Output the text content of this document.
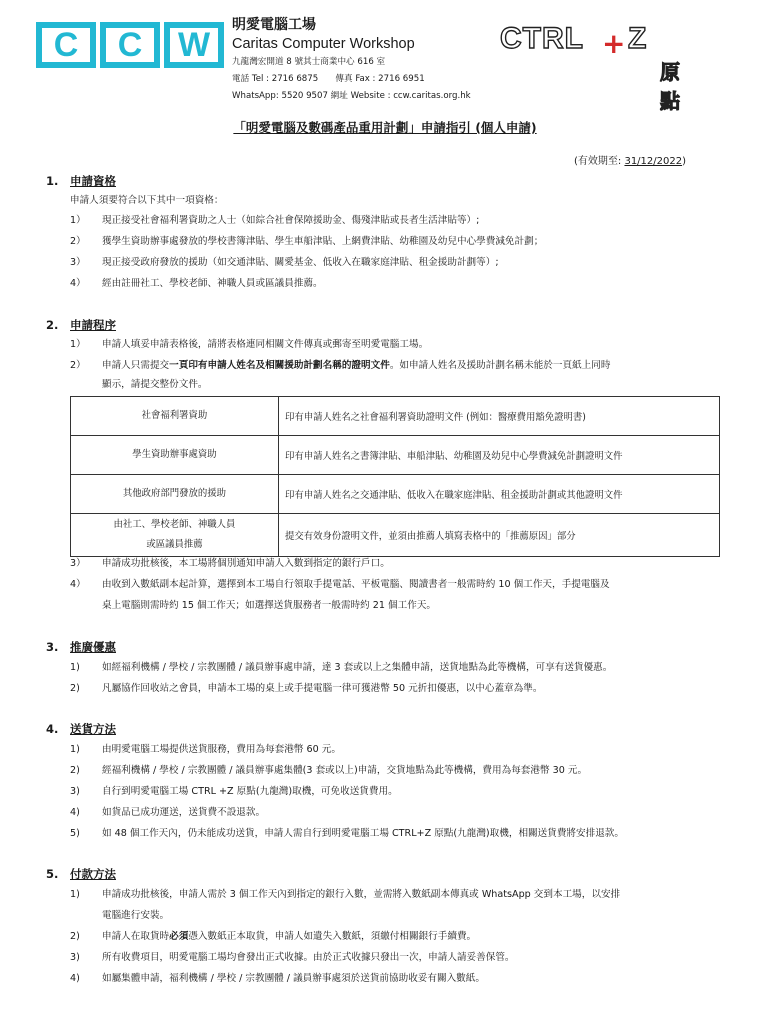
C	C	W
明愛電腦工場
Caritas Computer Workshop
九龍灣宏開道 8 號其士商業中心 616 室
電話 Tel : 2716 6875　　傳真 Fax : 2716 6951
WhatsApp: 5520 9507 網址 Website : ccw.caritas.org.hk
CTRL + Z
原點
「明愛電腦及數碼產品重用計劃」申請指引 (個人申請)
(有效期至: 31/12/2022)
1. 申請資格
申請人須要符合以下其中一項資格：
1） 現正接受社會福利署資助之人士（如綜合社會保障援助金、傷殘津貼或長者生活津貼等）;
2） 獲學生資助辦事處發放的學校書簿津貼、學生車船津貼、上網費津貼、幼稚園及幼兒中心學費減免計劃；
3） 現正接受政府發放的援助（如交通津貼、關愛基金、低收入在職家庭津貼、租金援助計劃等）;
4） 經由註冊社工、學校老師、神職人員或區議員推薦。
2. 申請程序
1） 申請人填妥申請表格後，請將表格連同相關文件傳真或郵寄至明愛電腦工場。
2） 申請人只需提交一頁印有申請人姓名及相關援助計劃名稱的證明文件。如申請人姓名及援助計劃名稱未能於一頁紙上同時
顯示，請提交整份文件。
社會福利署資助	印有申請人姓名之社會福利署資助證明文件 (例如：醫療費用豁免證明書)
學生資助辦事處資助	印有申請人姓名之書簿津貼、車船津貼、幼稚園及幼兒中心學費減免計劃證明文件
其他政府部門發放的援助	印有申請人姓名之交通津貼、低收入在職家庭津貼、租金援助計劃或其他證明文件

由社工、學校老師、神職人員
或區議員推薦	提交有效身份證明文件，並須由推薦人填寫表格中的「推薦原因」部分
3） 申請成功批核後，本工場將個別通知申請人入數到指定的銀行戶口。
4） 由收到入數紙副本起計算，選擇到本工場自行領取手提電話、平板電腦、閱讀書者一般需時約 10 個工作天，手提電腦及
桌上電腦則需時約 15 個工作天；如選擇送貨服務者一般需時約 21 個工作天。
3. 推廣優惠
1) 如經福利機構 / 學校 / 宗教團體 / 議員辦事處申請，達 3 套或以上之集體申請，送貨地點為此等機構，可享有送貨優惠。
2) 凡屬協作回收站之會員，申請本工場的桌上或手提電腦一律可獲港幣 50 元折扣優惠，以中心蓋章為準。
4. 送貨方法
1) 由明愛電腦工場提供送貨服務，費用為每套港幣 60 元。
2) 經福利機構 / 學校 / 宗教團體 / 議員辦事處集體(3 套或以上)申請，交貨地點為此等機構，費用為每套港幣 30 元。
3) 自行到明愛電腦工場 CTRL +Z 原點(九龍灣)取機，可免收送貨費用。
4) 如貨品已成功運送，送貨費不設退款。
5) 如 48 個工作天內，仍未能成功送貨，申請人需自行到明愛電腦工場 CTRL+Z 原點(九龍灣)取機，相關送貨費將安排退款。
5. 付款方法
1) 申請成功批核後，申請人需於 3 個工作天內到指定的銀行入數，並需將入數紙副本傳真或 WhatsApp 交到本工場，以安排
電腦進行安裝。
2) 申請人在取貨時必須憑入數紙正本取貨，申請人如遺失入數紙，須繳付相關銀行手續費。
3) 所有收費項目，明愛電腦工場均會發出正式收據。由於正式收據只發出一次，申請人請妥善保管。
4) 如屬集體申請，福利機構 / 學校 / 宗教團體 / 議員辦事處須於送貨前協助收妥有關入數紙。
